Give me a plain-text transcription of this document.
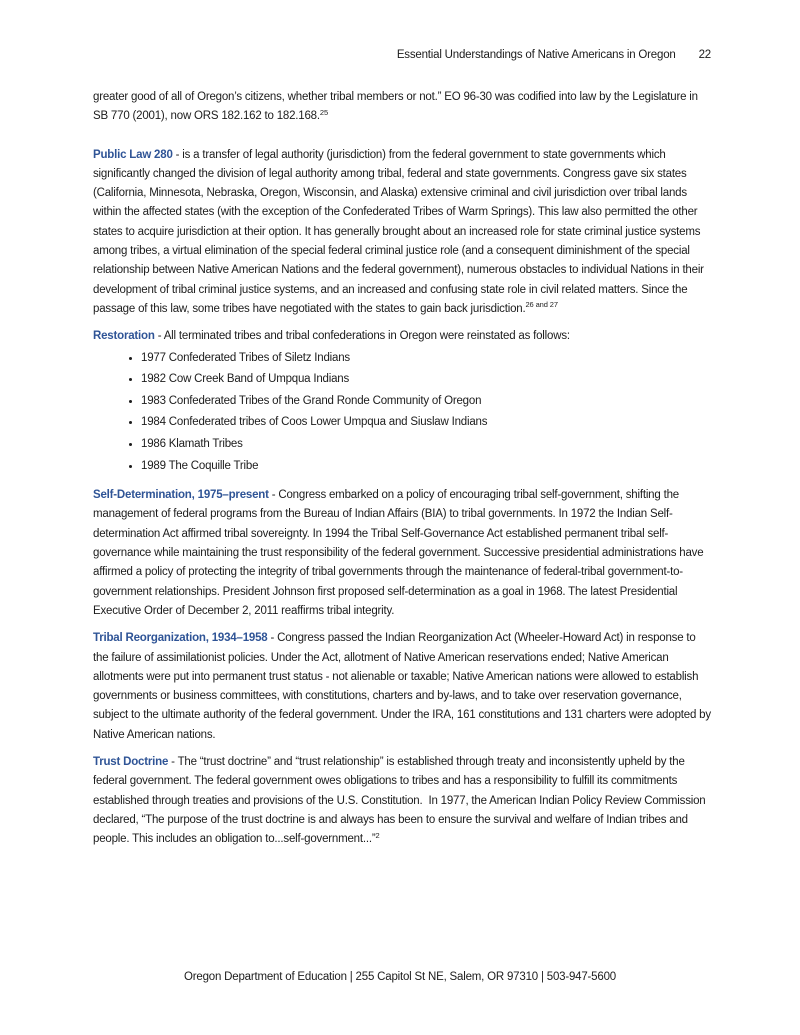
Essential Understandings of Native Americans in Oregon 22

greater good of all of Oregon’s citizens, whether tribal members or not.” EO 96-30 was codified into law by the Legislature in SB 770 (2001), now ORS 182.162 to 182.168.25

Public Law 280 - is a transfer of legal authority (jurisdiction) from the federal government to state governments which significantly changed the division of legal authority among tribal, federal and state governments. Congress gave six states (California, Minnesota, Nebraska, Oregon, Wisconsin, and Alaska) extensive criminal and civil jurisdiction over tribal lands within the affected states (with the exception of the Confederated Tribes of Warm Springs). This law also permitted the other states to acquire jurisdiction at their option. It has generally brought about an increased role for state criminal justice systems among tribes, a virtual elimination of the special federal criminal justice role (and a consequent diminishment of the special relationship between Native American Nations and the federal government), numerous obstacles to individual Nations in their development of tribal criminal justice systems, and an increased and confusing state role in civil related matters. Since the passage of this law, some tribes have negotiated with the states to gain back jurisdiction.$^{26 and 27}$

Restoration - All terminated tribes and tribal confederations in Oregon were reinstated as follows:

• 1977 Confederated Tribes of Siletz Indians
• 1982 Cow Creek Band of Umpqua Indians
• 1983 Confederated Tribes of the Grand Ronde Community of Oregon
• 1984 Confederated tribes of Coos Lower Umpqua and Siuslaw Indians
• 1986 Klamath Tribes
• 1989 The Coquille Tribe

Self-Determination, 1975–present - Congress embarked on a policy of encouraging tribal self-government, shifting the management of federal programs from the Bureau of Indian Affairs (BIA) to tribal governments. In 1972 the Indian Self-determination Act affirmed tribal sovereignty. In 1994 the Tribal Self-Governance Act established permanent tribal self-governance while maintaining the trust responsibility of the federal government. Successive presidential administrations have affirmed a policy of protecting the integrity of tribal governments through the maintenance of federal-tribal government-to-government relationships. President Johnson first proposed self-determination as a goal in 1968. The latest Presidential Executive Order of December 2, 2011 reaffirms tribal integrity.

Tribal Reorganization, 1934–1958 - Congress passed the Indian Reorganization Act (Wheeler-Howard Act) in response to the failure of assimilationist policies. Under the Act, allotment of Native American reservations ended; Native American allotments were put into permanent trust status - not alienable or taxable; Native American nations were allowed to establish governments or business committees, with constitutions, charters and by-laws, and to take over reservation governance, subject to the ultimate authority of the federal government. Under the IRA, 161 constitutions and 131 charters were adopted by Native American nations.

Trust Doctrine - The “trust doctrine” and “trust relationship” is established through treaty and inconsistently upheld by the federal government. The federal government owes obligations to tribes and has a responsibility to fulfill its commitments established through treaties and provisions of the U.S. Constitution.  In 1977, the American Indian Policy Review Commission declared, “The purpose of the trust doctrine is and always has been to ensure the survival and welfare of Indian tribes and people. This includes an obligation to...self-government...”$^2$

Oregon Department of Education | 255 Capitol St NE, Salem, OR 97310 | 503-947-5600
